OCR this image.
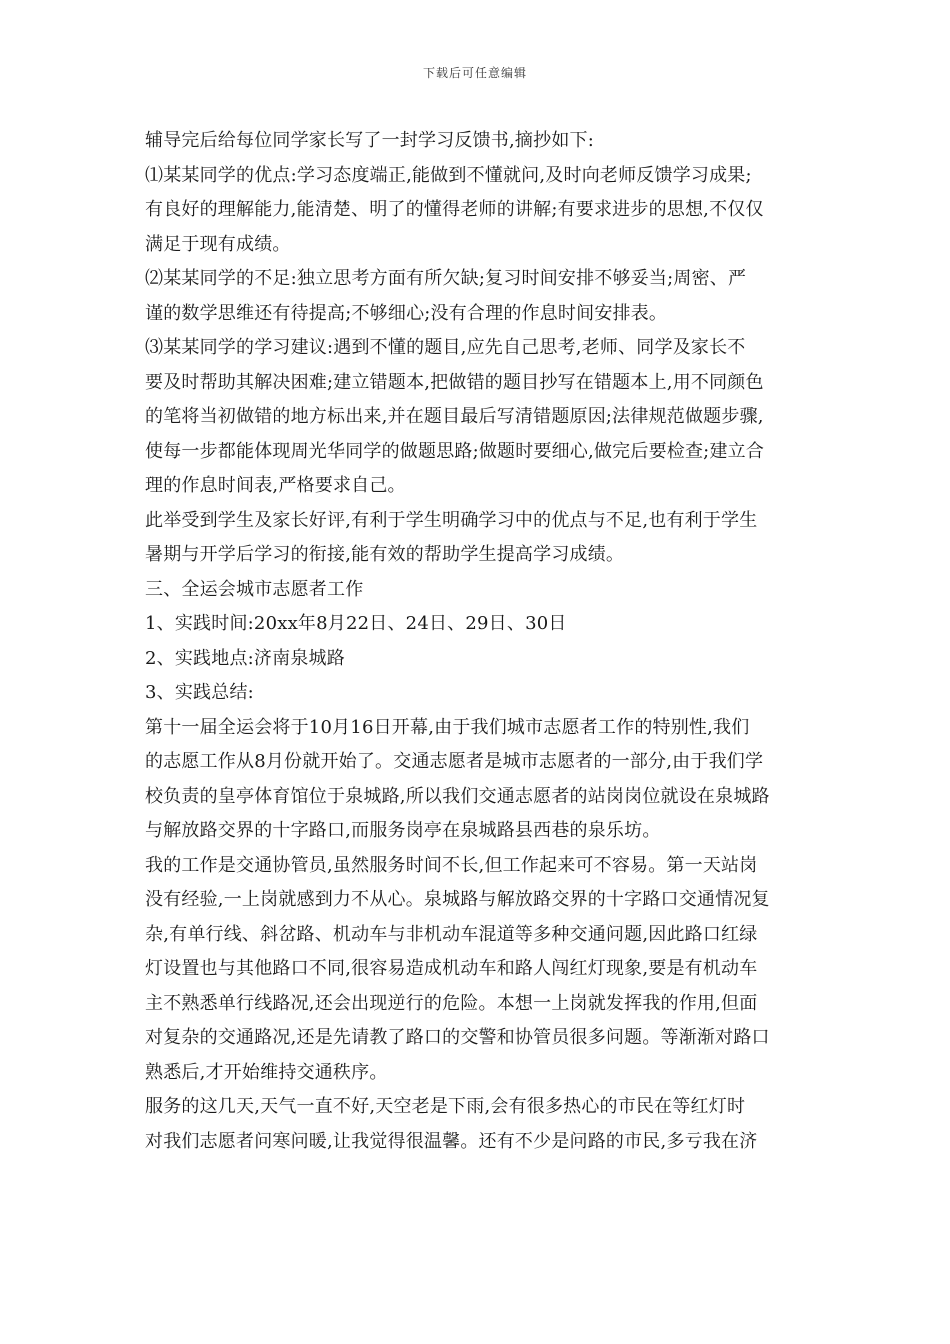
下载后可任意编辑
辅导完后给每位同学家长写了一封学习反馈书,摘抄如下:
⑴某某同学的优点:学习态度端正,能做到不懂就问,及时向老师反馈学习成果;
有良好的理解能力,能清楚、明了的懂得老师的讲解;有要求进步的思想,不仅仅
满足于现有成绩。
⑵某某同学的不足:独立思考方面有所欠缺;复习时间安排不够妥当;周密、严
谨的数学思维还有待提高;不够细心;没有合理的作息时间安排表。
⑶某某同学的学习建议:遇到不懂的题目,应先自己思考,老师、同学及家长不
要及时帮助其解决困难;建立错题本,把做错的题目抄写在错题本上,用不同颜色
的笔将当初做错的地方标出来,并在题目最后写清错题原因;法律规范做题步骤,
使每一步都能体现周光华同学的做题思路;做题时要细心,做完后要检查;建立合
理的作息时间表,严格要求自己。
此举受到学生及家长好评,有利于学生明确学习中的优点与不足,也有利于学生
暑期与开学后学习的衔接,能有效的帮助学生提高学习成绩。
三、全运会城市志愿者工作
1、实践时间:20xx年8月22日、24日、29日、30日
2、实践地点:济南泉城路
3、实践总结:
第十一届全运会将于10月16日开幕,由于我们城市志愿者工作的特别性,我们
的志愿工作从8月份就开始了。交通志愿者是城市志愿者的一部分,由于我们学
校负责的皇亭体育馆位于泉城路,所以我们交通志愿者的站岗岗位就设在泉城路
与解放路交界的十字路口,而服务岗亭在泉城路县西巷的泉乐坊。
我的工作是交通协管员,虽然服务时间不长,但工作起来可不容易。第一天站岗
没有经验,一上岗就感到力不从心。泉城路与解放路交界的十字路口交通情况复
杂,有单行线、斜岔路、机动车与非机动车混道等多种交通问题,因此路口红绿
灯设置也与其他路口不同,很容易造成机动车和路人闯红灯现象,要是有机动车
主不熟悉单行线路况,还会出现逆行的危险。本想一上岗就发挥我的作用,但面
对复杂的交通路况,还是先请教了路口的交警和协管员很多问题。等渐渐对路口
熟悉后,才开始维持交通秩序。
服务的这几天,天气一直不好,天空老是下雨,会有很多热心的市民在等红灯时
对我们志愿者问寒问暖,让我觉得很温馨。还有不少是问路的市民,多亏我在济
